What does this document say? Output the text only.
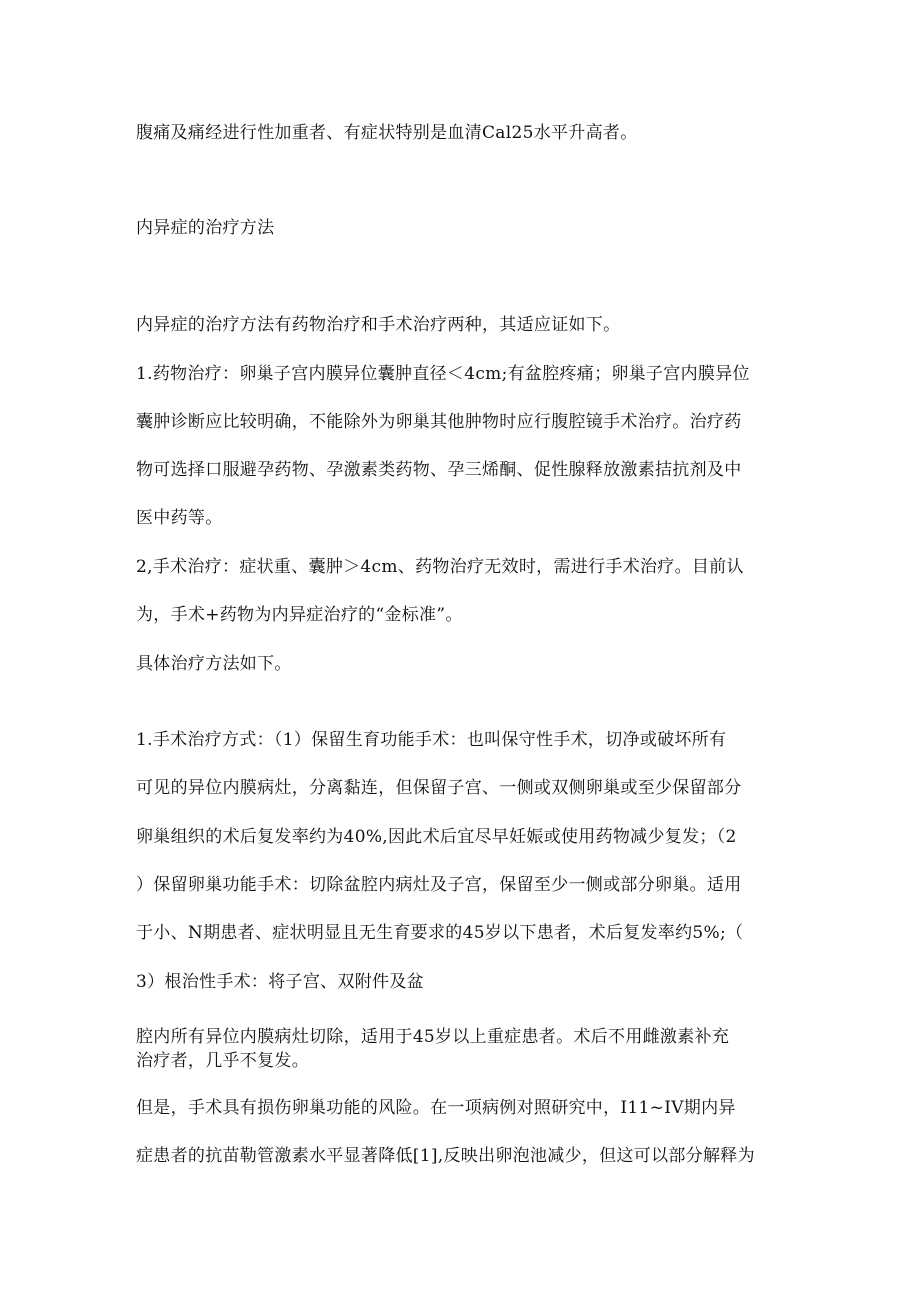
腹痛及痛经进行性加重者、有症状特别是血清Cal25水平升高者。
内异症的治疗方法
内异症的治疗方法有药物治疗和手术治疗两种，其适应证如下。
1.药物治疗：卵巢子宫内膜异位囊肿直径＜4cm;有盆腔疼痛；卵巢子宫内膜异位
囊肿诊断应比较明确，不能除外为卵巢其他肿物时应行腹腔镜手术治疗。治疗药
物可选择口服避孕药物、孕激素类药物、孕三烯酮、促性腺释放激素拮抗剂及中
医中药等。
2,手术治疗：症状重、囊肿＞4cm、药物治疗无效时，需进行手术治疗。目前认
为，手术+药物为内异症治疗的“金标准”。
具体治疗方法如下。
1.手术治疗方式：（1）保留生育功能手术：也叫保守性手术，切净或破坏所有
可见的异位内膜病灶，分离黏连，但保留子宫、一侧或双侧卵巢或至少保留部分
卵巢组织的术后复发率约为40%,因此术后宜尽早妊娠或使用药物减少复发；（2
）保留卵巢功能手术：切除盆腔内病灶及子宫，保留至少一侧或部分卵巢。适用
于小、N期患者、症状明显且无生育要求的45岁以下患者，术后复发率约5%;（
3）根治性手术：将子宫、双附件及盆
腔内所有异位内膜病灶切除，适用于45岁以上重症患者。术后不用雌激素补充
治疗者，几乎不复发。
但是，手术具有损伤卵巢功能的风险。在一项病例对照研究中，I11~IV期内异
症患者的抗苗勒管激素水平显著降低[1],反映出卵泡池减少，但这可以部分解释为
